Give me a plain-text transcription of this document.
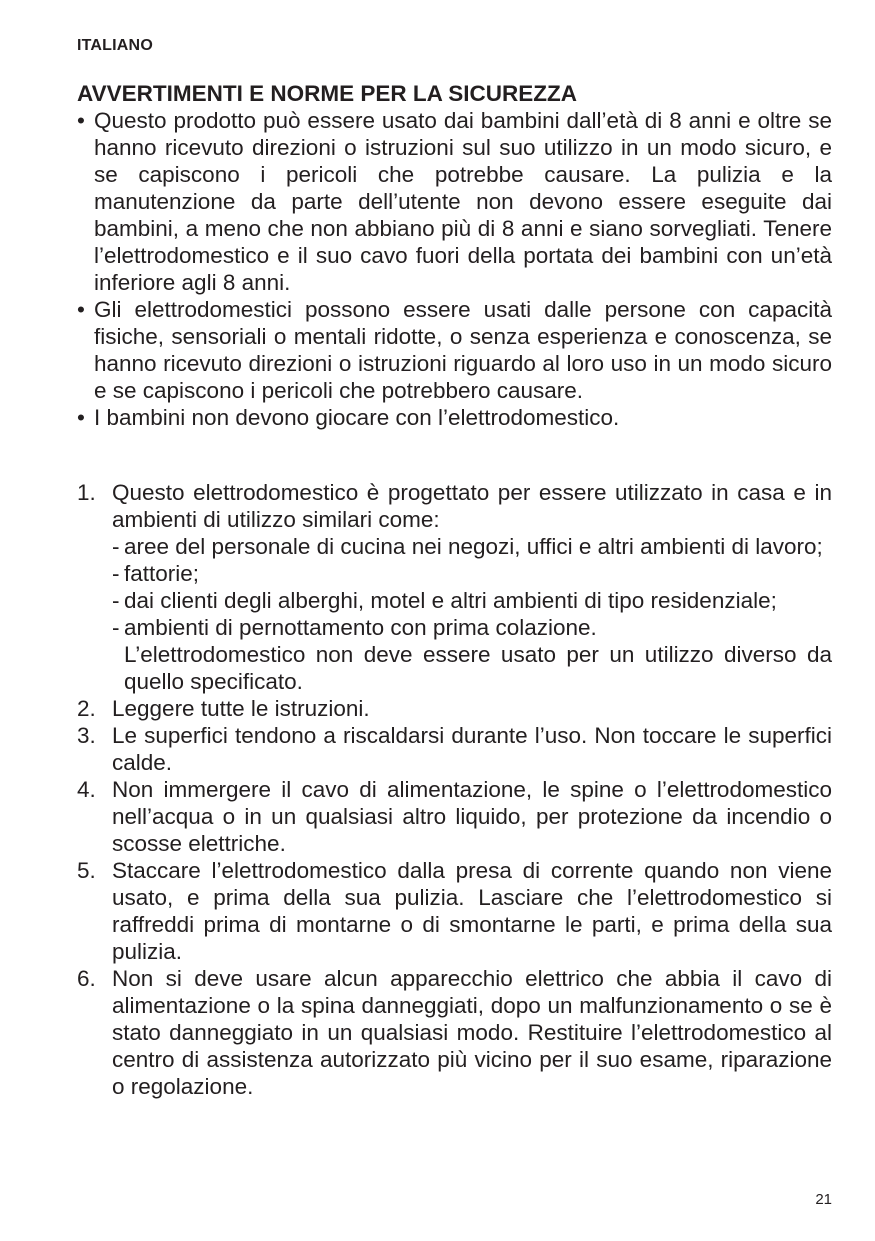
ITALIANO
AVVERTIMENTI E NORME PER LA SICUREZZA
• Questo prodotto può essere usato dai bambini dall’età di 8 anni e oltre se hanno ricevuto direzioni o istruzioni sul suo utilizzo in un modo sicuro, e se capiscono i pericoli che potrebbe causare. La pulizia e la manutenzione da parte dell’utente non devono essere eseguite dai bambini, a meno che non abbiano più di 8 anni e siano sorvegliati. Tenere l’elettrodomestico e il suo cavo fuori della portata dei bambini con un’età inferiore agli 8 anni.
• Gli elettrodomestici possono essere usati dalle persone con capacità fisiche, sensoriali o mentali ridotte, o senza esperienza e conoscenza, se hanno ricevuto direzioni o istruzioni riguardo al loro uso in un modo sicuro e se capiscono i pericoli che potrebbero causare.
• I bambini non devono giocare con l’elettrodomestico.
1. Questo elettrodomestico è progettato per essere utilizzato in casa e in ambienti di utilizzo similari come:
- aree del personale di cucina nei negozi, uffici e altri ambienti di lavoro;
- fattorie;
- dai clienti degli alberghi, motel e altri ambienti di tipo residenziale;
- ambienti di pernottamento con prima colazione.
L’elettrodomestico non deve essere usato per un utilizzo diverso da quello specificato.
2. Leggere tutte le istruzioni.
3. Le superfici tendono a riscaldarsi durante l’uso. Non toccare le superfici calde.
4. Non immergere il cavo di alimentazione, le spine o l’elettrodomestico nell’acqua o in un qualsiasi altro liquido, per protezione da incendio o scosse elettriche.
5. Staccare l’elettrodomestico dalla presa di corrente quando non viene usato, e prima della sua pulizia. Lasciare che l’elettrodomestico si raffreddi prima di montarne o di smontarne le parti, e prima della sua pulizia.
6. Non si deve usare alcun apparecchio elettrico che abbia il cavo di alimentazione o la spina danneggiati, dopo un malfunzionamento o se è stato danneggiato in un qualsiasi modo. Restituire l’elettrodomestico al centro di assistenza autorizzato più vicino per il suo esame, riparazione o regolazione.
21
